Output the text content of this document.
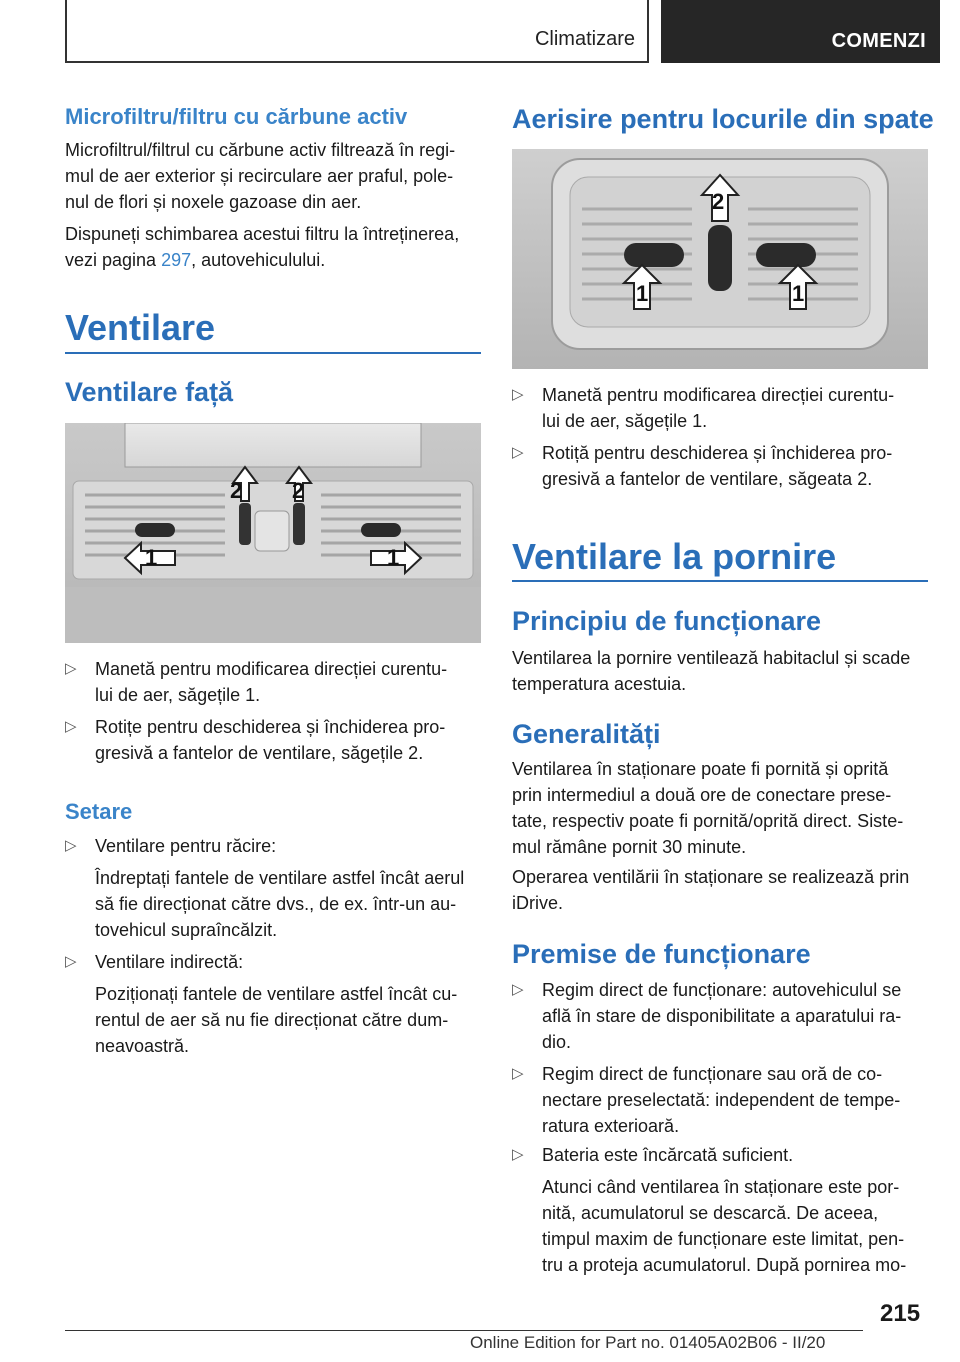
Climatizare	COMENZI
Microfiltru/filtru cu cărbune activ
Microfiltrul/filtrul cu cărbune activ filtrează în regi-
mul de aer exterior și recirculare aer praful, pole-
nul de flori și noxele gazoase din aer.
Dispuneți schimbarea acestui filtru la întreținerea,
vezi pagina 297, autovehiculului.
Ventilare
Ventilare față
2 2
1	1
▷ Manetă pentru modificarea direcției curentu-
lui de aer, săgețile 1.
▷ Rotițe pentru deschiderea și închiderea pro-
gresivă a fantelor de ventilare, săgețile 2.
Setare
▷ Ventilare pentru răcire:
Îndreptați fantele de ventilare astfel încât aerul
să fie direcționat către dvs., de ex. într-un au-
tovehicul supraîncălzit.
▷ Ventilare indirectă:
Poziționați fantele de ventilare astfel încât cu-
rentul de aer să nu fie direcționat către dum-
neavoastră.
Aerisire pentru locurile din spate
2
1	1
▷ Manetă pentru modificarea direcției curentu-
lui de aer, săgețile 1.
▷ Rotiță pentru deschiderea și închiderea pro-
gresivă a fantelor de ventilare, săgeata 2.
Ventilare la pornire
Principiu de funcționare
Ventilarea la pornire ventilează habitaclul și scade
temperatura acestuia.
Generalități
Ventilarea în staționare poate fi pornită și oprită
prin intermediul a două ore de conectare prese-
tate, respectiv poate fi pornită/oprită direct. Siste-
mul rămâne pornit 30 minute.
Operarea ventilării în staționare se realizează prin
iDrive.
Premise de funcționare
▷ Regim direct de funcționare: autovehiculul se
află în stare de disponibilitate a aparatului ra-
dio.
▷ Regim direct de funcționare sau oră de co-
nectare preselectată: independent de tempe-
ratura exterioară.
▷ Bateria este încărcată suficient.
Atunci când ventilarea în staționare este por-
nită, acumulatorul se descarcă. De aceea,
timpul maxim de funcționare este limitat, pen-
tru a proteja acumulatorul. După pornirea mo-
215
Online Edition for Part no. 01405A02B06 - II/20
